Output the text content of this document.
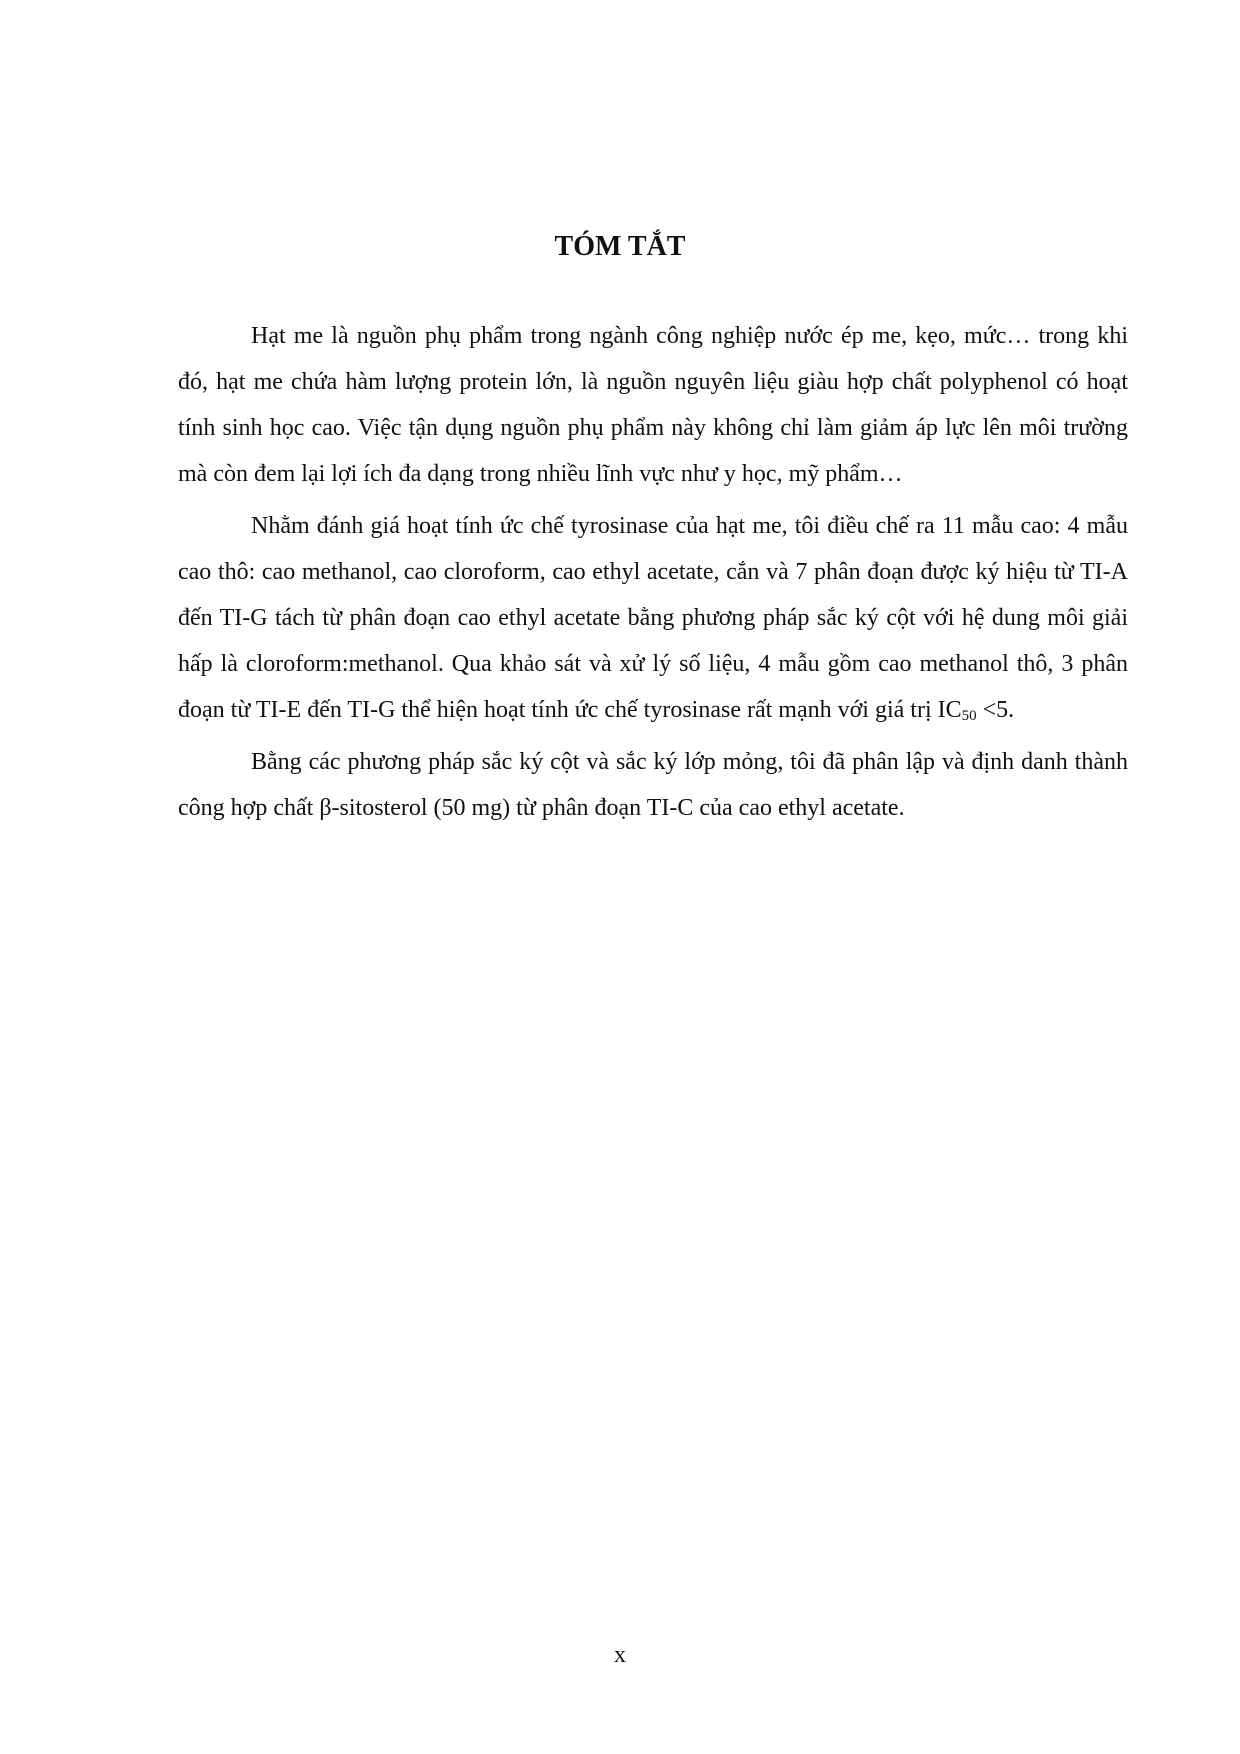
TÓM TẮT

Hạt me là nguồn phụ phẩm trong ngành công nghiệp nước ép me, kẹo, mức… trong khi đó, hạt me chứa hàm lượng protein lớn, là nguồn nguyên liệu giàu hợp chất polyphenol có hoạt tính sinh học cao. Việc tận dụng nguồn phụ phẩm này không chỉ làm giảm áp lực lên môi trường mà còn đem lại lợi ích đa dạng trong nhiều lĩnh vực như y học, mỹ phẩm…

Nhằm đánh giá hoạt tính ức chế tyrosinase của hạt me, tôi điều chế ra 11 mẫu cao: 4 mẫu cao thô: cao methanol, cao cloroform, cao ethyl acetate, cắn và 7 phân đoạn được ký hiệu từ TI-A đến TI-G tách từ phân đoạn cao ethyl acetate bằng phương pháp sắc ký cột với hệ dung môi giải hấp là cloroform:methanol. Qua khảo sát và xử lý số liệu, 4 mẫu gồm cao methanol thô, 3 phân đoạn từ TI-E đến TI-G thể hiện hoạt tính ức chế tyrosinase rất mạnh với giá trị $IC_{50} <5$.

Bằng các phương pháp sắc ký cột và sắc ký lớp mỏng, tôi đã phân lập và định danh thành công hợp chất β-sitosterol (50 mg) từ phân đoạn TI-C của cao ethyl acetate.

x
